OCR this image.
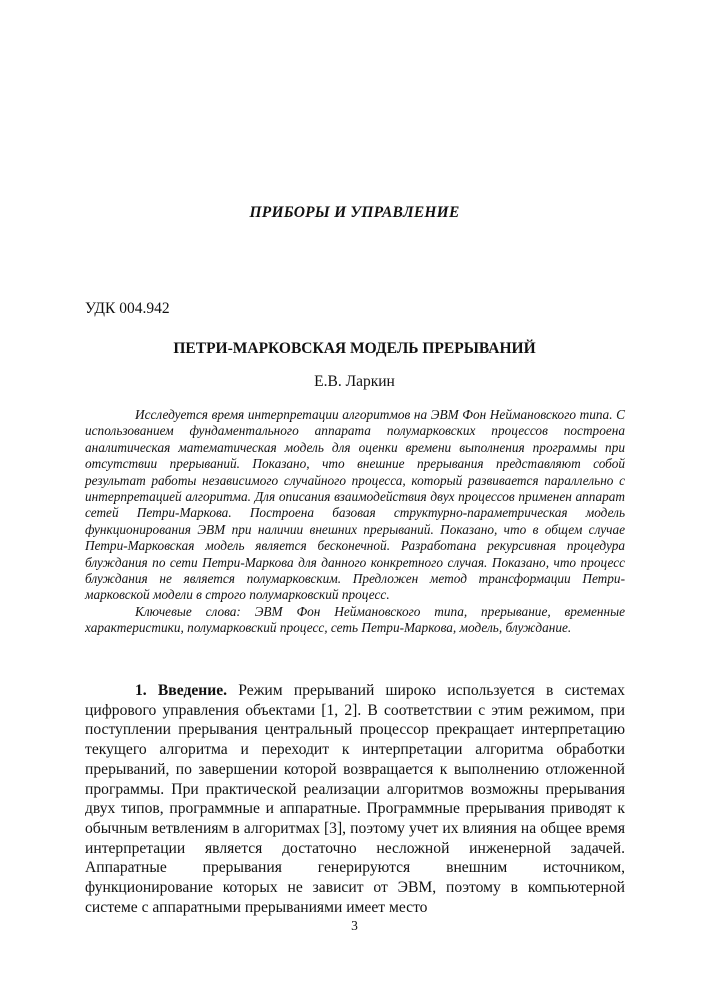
ПРИБОРЫ И УПРАВЛЕНИЕ
УДК 004.942
ПЕТРИ-МАРКОВСКАЯ МОДЕЛЬ ПРЕРЫВАНИЙ
Е.В. Ларкин

Исследуется время интерпретации алгоритмов на ЭВМ Фон Неймановского типа. С использованием фундаментального аппарата полумарковских процессов построена аналитическая математическая модель для оценки времени выполнения программы при отсутствии прерываний. Показано, что внешние прерывания представляют собой результат работы независимого случайного процесса, который развивается параллельно с интерпретацией алгоритма. Для описания взаимодействия двух процессов применен аппарат сетей Петри-Маркова. Построена базовая структурно-параметрическая модель функционирования ЭВМ при наличии внешних прерываний. Показано, что в общем случае Петри-Марковская модель является бесконечной. Разработана рекурсивная процедура блуждания по сети Петри-Маркова для данного конкретного случая. Показано, что процесс блуждания не является полумарковским. Предложен метод трансформации Петри-марковской модели в строго полумарковский процесс.

Ключевые слова: ЭВМ Фон Неймановского типа, прерывание, временные характеристики, полумарковский процесс, сеть Петри-Маркова, модель, блуждание.

1. Введение. Режим прерываний широко используется в системах цифрового управления объектами [1, 2]. В соответствии с этим режимом, при поступлении прерывания центральный процессор прекращает интерпретацию текущего алгоритма и переходит к интерпретации алгоритма обработки прерываний, по завершении которой возвращается к выполнению отложенной программы. При практической реализации алгоритмов возможны прерывания двух типов, программные и аппаратные. Программные прерывания приводят к обычным ветвлениям в алгоритмах [3], поэтому учет их влияния на общее время интерпретации является достаточно несложной инженерной задачей. Аппаратные прерывания генерируются внешним источником, функционирование которых не зависит от ЭВМ, поэтому в компьютерной системе с аппаратными прерываниями имеет место

3
